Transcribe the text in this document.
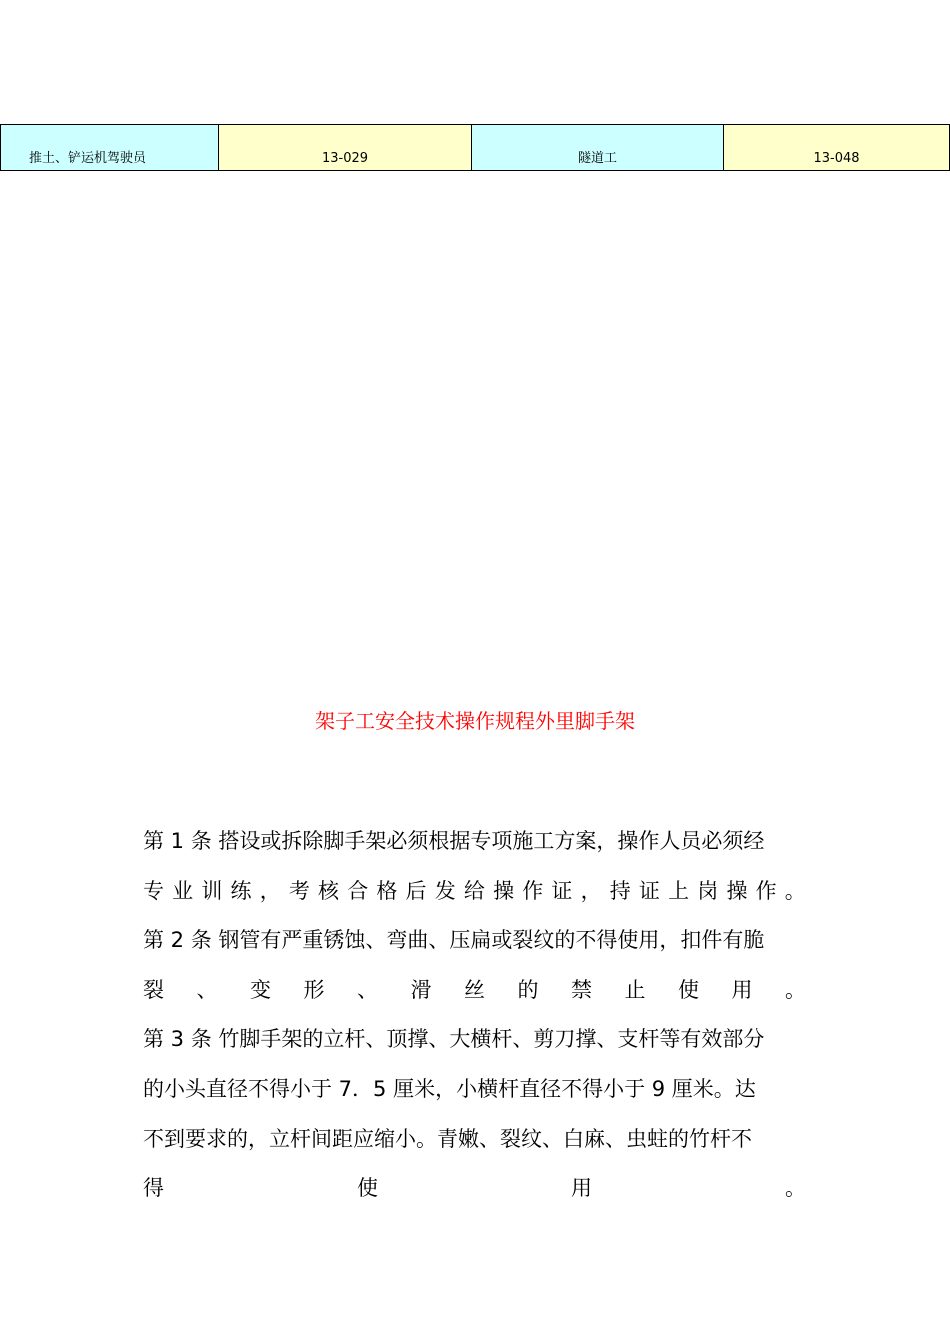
推土、铲运机驾驶员	13-029	隧道工	13-048
架子工安全技术操作规程外里脚手架
第 1 条 搭设或拆除脚手架必须根据专项施工方案，操作人员必须经
专 业 训 练 ， 考 核 合 格 后 发 给 操 作 证 ， 持 证 上 岗 操 作 。
第 2 条 钢管有严重锈蚀、弯曲、压扁或裂纹的不得使用，扣件有脆
裂 、 变 形 、 滑 丝 的 禁 止 使 用 。
第 3 条 竹脚手架的立杆、顶撑、大横杆、剪刀撑、支杆等有效部分
的小头直径不得小于 7．5 厘米，小横杆直径不得小于 9 厘米。达
不到要求的，立杆间距应缩小。青嫩、裂纹、白麻、虫蛀的竹杆不
得	使	用	。
